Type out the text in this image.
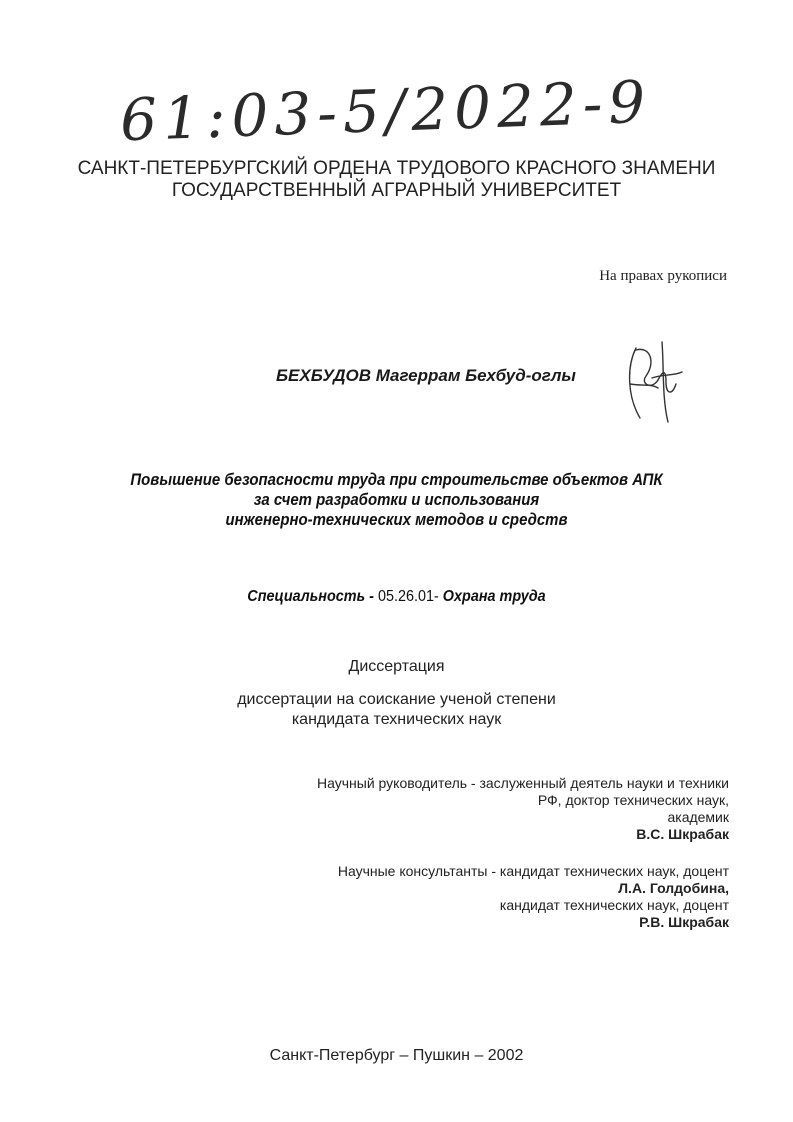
61:03-5/2022-9
САНКТ-ПЕТЕРБУРГСКИЙ ОРДЕНА ТРУДОВОГО КРАСНОГО ЗНАМЕНИ
ГОСУДАРСТВЕННЫЙ АГРАРНЫЙ УНИВЕРСИТЕТ
На правах рукописи
БЕХБУДОВ Магеррам Бехбуд-оглы
Повышение безопасности труда при строительстве объектов АПК
за счет разработки и использования
инженерно-технических методов и средств
Специальность - 05.26.01- Охрана труда
Диссертация
диссертации на соискание ученой степени
кандидата технических наук
Научный руководитель - заслуженный деятель науки и техники
РФ, доктор технических наук,
академик
В.С. Шкрабак
Научные консультанты - кандидат технических наук, доцент
Л.А. Голдобина,
кандидат технических наук, доцент
Р.В. Шкрабак
Санкт-Петербург – Пушкин – 2002
